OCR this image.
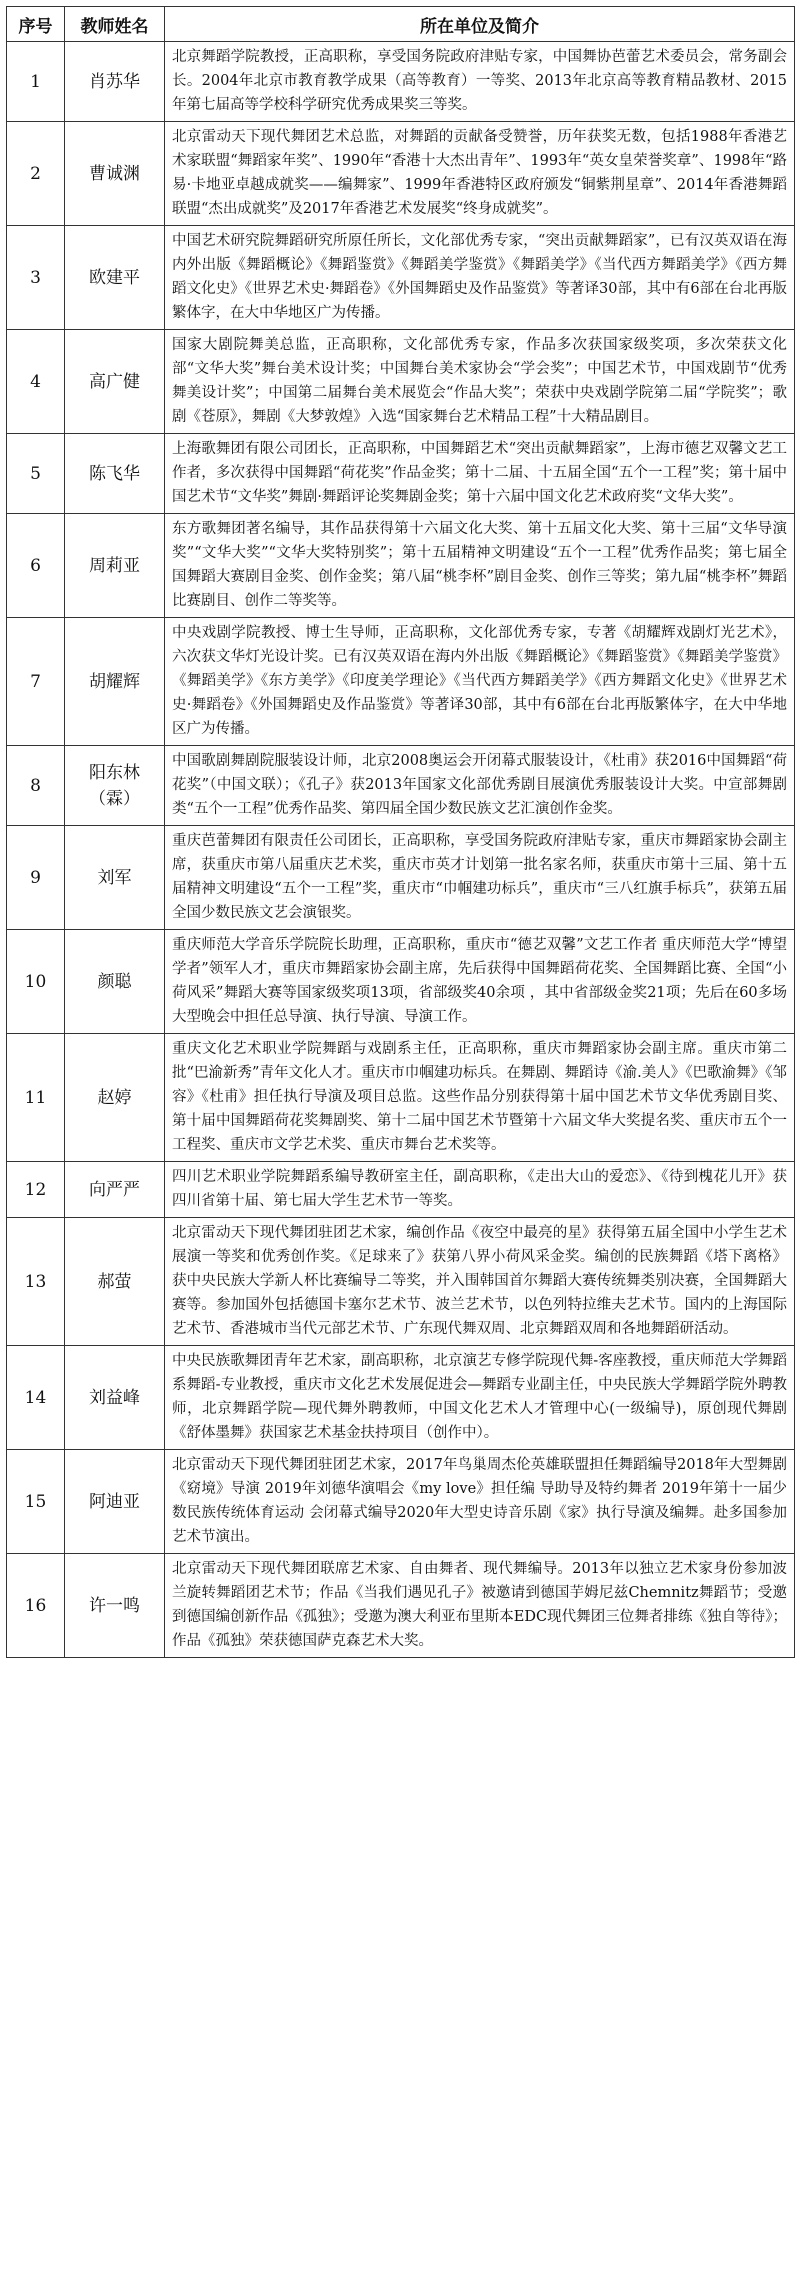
序号	教师姓名	所在单位及简介
1	肖苏华	北京舞蹈学院教授，正高职称，享受国务院政府津贴专家，中国舞协芭蕾艺术委员会，常务副会长。2004年北京市教育教学成果（高等教育）一等奖、2013年北京高等教育精品教材、2015年第七届高等学校科学研究优秀成果奖三等奖。

2	曹诚渊	北京雷动天下现代舞团艺术总监，对舞蹈的贡献备受赞誉，历年获奖无数，包括1988年香港艺术家联盟“舞蹈家年奖”、1990年“香港十大杰出青年”、1993年“英女皇荣誉奖章”、1998年“路易·卡地亚卓越成就奖——编舞家”、1999年香港特区政府颁发“铜紫荆星章”、2014年香港舞蹈联盟“杰出成就奖”及2017年香港艺术发展奖“终身成就奖”。

3	欧建平	中国艺术研究院舞蹈研究所原任所长，文化部优秀专家，“突出贡献舞蹈家”，已有汉英双语在海内外出版《舞蹈概论》《舞蹈鉴赏》《舞蹈美学鉴赏》《舞蹈美学》《当代西方舞蹈美学》《西方舞蹈文化史》《世界艺术史·舞蹈卷》《外国舞蹈史及作品鉴赏》等著译30部，其中有6部在台北再版繁体字，在大中华地区广为传播。

4	高广健	国家大剧院舞美总监，正高职称，文化部优秀专家，作品多次获国家级奖项，多次荣获文化部“文华大奖”舞台美术设计奖；中国舞台美术家协会“学会奖”；中国艺术节，中国戏剧节“优秀舞美设计奖”；中国第二届舞台美术展览会“作品大奖”；荣获中央戏剧学院第二届“学院奖”；歌剧《苍原》，舞剧《大梦敦煌》入选“国家舞台艺术精品工程”十大精品剧目。

5	陈飞华	上海歌舞团有限公司团长，正高职称，中国舞蹈艺术“突出贡献舞蹈家”，上海市德艺双馨文艺工作者，多次获得中国舞蹈“荷花奖”作品金奖；第十二届、十五届全国“五个一工程”奖；第十届中国艺术节“文华奖”舞剧·舞蹈评论奖舞剧金奖；第十六届中国文化艺术政府奖“文华大奖”。

6	周莉亚	东方歌舞团著名编导，其作品获得第十六届文化大奖、第十五届文化大奖、第十三届“文华导演奖”“文华大奖”“文华大奖特别奖”；第十五届精神文明建设“五个一工程”优秀作品奖；第七届全国舞蹈大赛剧目金奖、创作金奖；第八届“桃李杯”剧目金奖、创作三等奖；第九届“桃李杯”舞蹈比赛剧目、创作二等奖等。

7	胡耀辉	中央戏剧学院教授、博士生导师，正高职称，文化部优秀专家，专著《胡耀辉戏剧灯光艺术》，六次获文华灯光设计奖。已有汉英双语在海内外出版《舞蹈概论》《舞蹈鉴赏》《舞蹈美学鉴赏》《舞蹈美学》《东方美学》《印度美学理论》《当代西方舞蹈美学》《西方舞蹈文化史》《世界艺术史·舞蹈卷》《外国舞蹈史及作品鉴赏》等著译30部，其中有6部在台北再版繁体字，在大中华地区广为传播。

8	阳东林（霖）	中国歌剧舞剧院服装设计师，北京2008奥运会开闭幕式服装设计，《杜甫》获2016中国舞蹈“荷花奖”（中国文联）；《孔子》获2013年国家文化部优秀剧目展演优秀服装设计大奖。中宣部舞剧类“五个一工程”优秀作品奖、第四届全国少数民族文艺汇演创作金奖。

9	刘军	重庆芭蕾舞团有限责任公司团长，正高职称，享受国务院政府津贴专家，重庆市舞蹈家协会副主席，获重庆市第八届重庆艺术奖，重庆市英才计划第一批名家名师，获重庆市第十三届、第十五届精神文明建设“五个一工程”奖，重庆市“巾帼建功标兵”，重庆市“三八红旗手标兵”，获第五届全国少数民族文艺会演银奖。

10	颜聪	重庆师范大学音乐学院院长助理，正高职称，重庆市“德艺双馨”文艺工作者 重庆师范大学“博望学者”领军人才，重庆市舞蹈家协会副主席，先后获得中国舞蹈荷花奖、全国舞蹈比赛、全国“小荷风采”舞蹈大赛等国家级奖项13项，省部级奖40余项 ，其中省部级金奖21项；先后在60多场大型晚会中担任总导演、执行导演、导演工作。

11	赵婷	重庆文化艺术职业学院舞蹈与戏剧系主任，正高职称，重庆市舞蹈家协会副主席。重庆市第二批“巴渝新秀”青年文化人才。重庆市巾帼建功标兵。在舞剧、舞蹈诗《渝.美人》《巴歌渝舞》《邹容》《杜甫》担任执行导演及项目总监。这些作品分别获得第十届中国艺术节文华优秀剧目奖、第十届中国舞蹈荷花奖舞剧奖、第十二届中国艺术节暨第十六届文华大奖提名奖、重庆市五个一工程奖、重庆市文学艺术奖、重庆市舞台艺术奖等。

12	向严严	四川艺术职业学院舞蹈系编导教研室主任，副高职称，《走出大山的爱恋》、《待到槐花儿开》获四川省第十届、第七届大学生艺术节一等奖。

13	郝萤	北京雷动天下现代舞团驻团艺术家，编创作品《夜空中最亮的星》获得第五届全国中小学生艺术展演一等奖和优秀创作奖。《足球来了》获第八界小荷风采金奖。编创的民族舞蹈《塔下离格》获中央民族大学新人杯比赛编导二等奖，并入围韩国首尔舞蹈大赛传统舞类别决赛，全国舞蹈大赛等。参加国外包括德国卡塞尔艺术节、波兰艺术节，以色列特拉维夫艺术节。国内的上海国际艺术节、香港城市当代元部艺术节、广东现代舞双周、北京舞蹈双周和各地舞蹈研活动。

14	刘益峰	中央民族歌舞团青年艺术家，副高职称，北京演艺专修学院现代舞-客座教授，重庆师范大学舞蹈系舞蹈-专业教授，重庆市文化艺术发展促进会—舞蹈专业副主任，中央民族大学舞蹈学院外聘教师，北京舞蹈学院—现代舞外聘教师，中国文化艺术人才管理中心(一级编导)，原创现代舞剧《舒体墨舞》获国家艺术基金扶持项目（创作中）。

15	阿迪亚	北京雷动天下现代舞团驻团艺术家，2017年鸟巢周杰伦英雄联盟担任舞蹈编导2018年大型舞剧《窈境》导演 2019年刘德华演唱会《my love》担任编 导助导及特约舞者 2019年第十一届少数民族传统体育运动 会闭幕式编导2020年大型史诗音乐剧《家》执行导演及编舞。赴多国参加艺术节演出。

16	许一鸣	北京雷动天下现代舞团联席艺术家、自由舞者、现代舞编导。2013年以独立艺术家身份参加波兰旋转舞蹈团艺术节；作品《当我们遇见孔子》被邀请到德国芋姆尼兹Chemnitz舞蹈节；受邀到德国编创新作品《孤独》；受邀为澳大利亚布里斯本EDC现代舞团三位舞者排练《独自等待》；作品《孤独》荣获德国萨克森艺术大奖。
